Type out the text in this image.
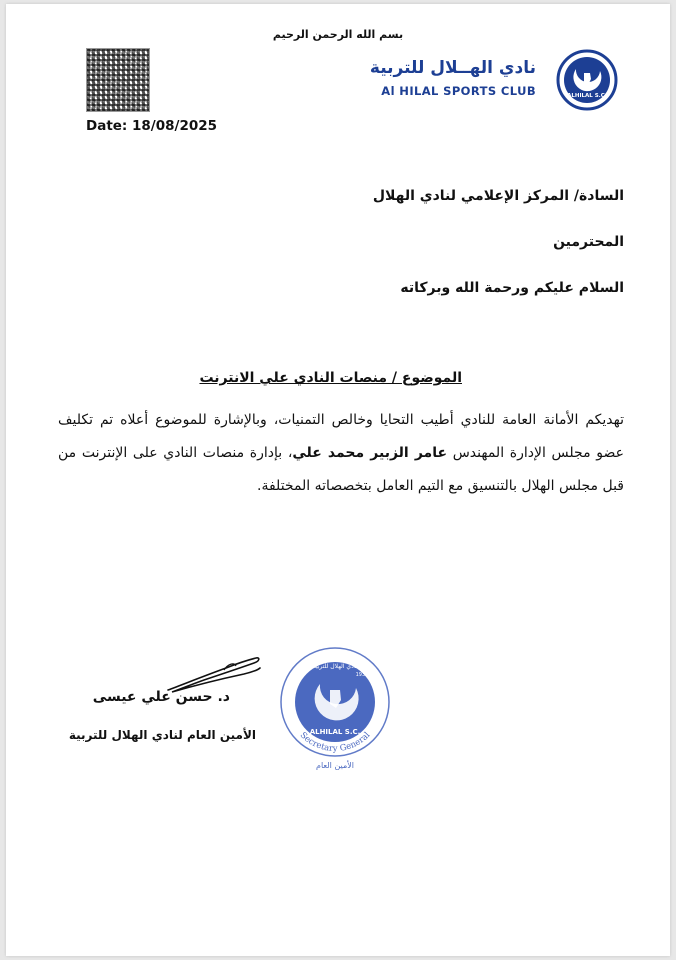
بسم الله الرحمن الرحيم
Date: 18/08/2025
نادي الهــلال للتربية
Al HILAL SPORTS CLUB	ALHILAL S.C.
السادة/ المركز الإعلامي لنادي الهلال
المحترمين
السلام عليكم ورحمة الله وبركاته
الموضوع / منصات النادي علي الانترنت
تهديكم الأمانة العامة للنادي أطيب التحايا وخالص التمنيات، وبالإشارة للموضوع أعلاه تم تكليف عضو مجلس الإدارة المهندس عامر الزبير محمد علي، بإدارة منصات النادي على الإنترنت من قبل مجلس الهلال بالتنسيق مع التيم العامل بتخصصاته المختلفة.
د. حسن علي عيسى
الأمين العام لنادي الهلال للتربية
نادي الهلال للتربية
1930
ALHILAL S.C.
Secretary General
الأمين العام
